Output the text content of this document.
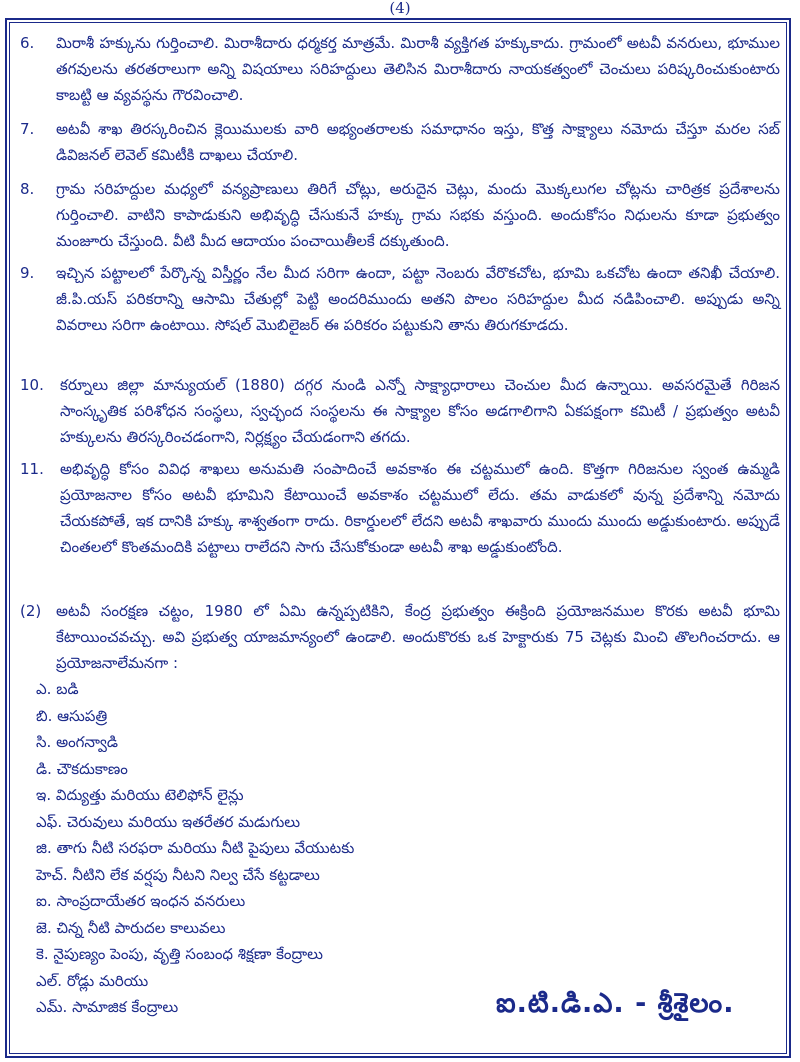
(4)
6. మిరాశీ హక్కును గుర్తించాలి. మిరాశీదారు ధర్మకర్త మాత్రమే. మిరాశీ వ్యక్తిగత హక్కుకాదు. గ్రామంలో అటవీ వనరులు, భూముల తగవులను తరతరాలుగా అన్ని విషయాలు సరిహద్దులు తెలిసిన మిరాశీదారు నాయకత్వంలో చెంచులు పరిష్కరించుకుంటారు కాబట్టి ఆ వ్యవస్థను గౌరవించాలి.
7. అటవీ శాఖ తిరస్కరించిన క్లెయిములకు వారి అభ్యంతరాలకు సమాధానం ఇస్తు, కొత్త సాక్ష్యాలు నమోదు చేస్తూ మరల సబ్ డివిజనల్ లెవెల్ కమిటీకి దాఖలు చేయాలి.
8. గ్రామ సరిహద్దుల మధ్యలో వన్యప్రాణులు తిరిగే చోట్లు, అరుదైన చెట్లు, మందు మొక్కలుగల చోట్లను చారిత్రక ప్రదేశాలను గుర్తించాలి. వాటిని కాపాడుకుని అభివృద్ధి చేసుకునే హక్కు గ్రామ సభకు వస్తుంది. అందుకోసం నిధులను కూడా ప్రభుత్వం మంజూరు చేస్తుంది. వీటి మీద ఆదాయం పంచాయితీలకే దక్కుతుంది.
9. ఇచ్చిన పట్టాలలో పేర్కొన్న విస్తీర్ణం నేల మీద సరిగా ఉందా, పట్టా నెంబరు వేరొకచోట, భూమి ఒకచోట ఉందా తనిఖీ చేయాలి. జీ.పి.యస్ పరికరాన్ని ఆసామి చేతుల్లో పెట్టి అందరిముందు అతని పొలం సరిహద్దుల మీద నడిపించాలి. అప్పుడు అన్ని వివరాలు సరిగా ఉంటాయి. సోషల్ మొబిలైజర్ ఈ పరికరం పట్టుకుని తాను తిరుగకూడదు.
10. కర్నూలు జిల్లా మాన్యుయల్ (1880) దగ్గర నుండి ఎన్నో సాక్ష్యాధారాలు చెంచుల మీద ఉన్నాయి. అవసరమైతే గిరిజన సాంస్కృతిక పరిశోధన సంస్థలు, స్వచ్ఛంద సంస్థలను ఈ సాక్ష్యాల కోసం అడగాలిగాని ఏకపక్షంగా కమిటీ / ప్రభుత్వం అటవీ హక్కులను తిరస్కరించడంగాని, నిర్లక్ష్యం చేయడంగాని తగదు.
11. అభివృద్ధి కోసం వివిధ శాఖలు అనుమతి సంపాదించే అవకాశం ఈ చట్టములో ఉంది. కొత్తగా గిరిజనుల స్వంత ఉమ్మడి ప్రయోజనాల కోసం అటవీ భూమిని కేటాయించే అవకాశం చట్టములో లేదు. తమ వాడుకలో వున్న ప్రదేశాన్ని నమోదు చేయకపోతే, ఇక దానికి హక్కు శాశ్వతంగా రాదు. రికార్డులలో లేదని అటవీ శాఖవారు ముందు ముందు అడ్డుకుంటారు. అప్పుడే చింతలలో కొంతమందికి పట్టాలు రాలేదని సాగు చేసుకోకుండా అటవీ శాఖ అడ్డుకుంటోంది.
(2) అటవీ సంరక్షణ చట్టం, 1980 లో ఏమి ఉన్నప్పటికిని, కేంద్ర ప్రభుత్వం ఈక్రింది ప్రయోజనముల కొరకు అటవీ భూమి కేటాయించవచ్చు. అవి ప్రభుత్వ యాజమాన్యంలో ఉండాలి. అందుకొరకు ఒక హెక్టారుకు 75 చెట్లకు మించి తొలగించరాదు. ఆ ప్రయోజనాలేమనగా :
ఎ. బడి
బి. ఆసుపత్రి
సి. అంగన్వాడి
డి. చౌకదుకాణం
ఇ. విద్యుత్తు మరియు టెలిఫోన్ లైన్లు
ఎఫ్. చెరువులు మరియు ఇతరేతర మడుగులు
జి. తాగు నీటి సరఫరా మరియు నీటి పైపులు వేయుటకు
హెచ్. నీటిని లేక వర్షపు నీటని నిల్వ చేసే కట్టడాలు
ఐ. సాంప్రదాయేతర ఇంధన వనరులు
జె. చిన్న నీటి పారుదల కాలువలు
కె. నైపుణ్యం పెంపు, వృత్తి సంబంధ శిక్షణా కేంద్రాలు
ఎల్. రోడ్లు మరియు
ఎమ్. సామాజిక కేంద్రాలు	ఐ.టి.డి.ఎ. - శ్రీశైలం.
